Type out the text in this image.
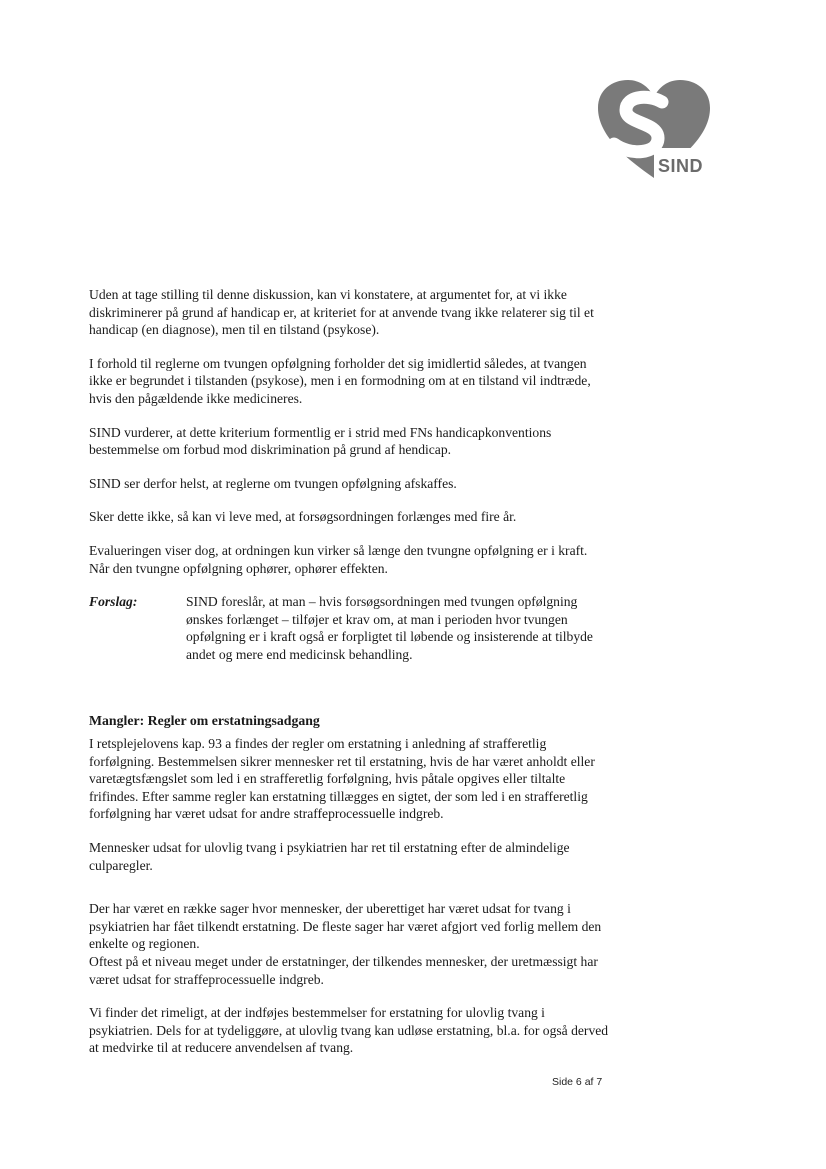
SIND

Uden at tage stilling til denne diskussion, kan vi konstatere, at argumentet for, at vi ikke diskriminerer på grund af handicap er, at kriteriet for at anvende tvang ikke relaterer sig til et handicap (en diagnose), men til en tilstand (psykose).

I forhold til reglerne om tvungen opfølgning forholder det sig imidlertid således, at tvangen ikke er begrundet i tilstanden (psykose), men i en formodning om at en tilstand vil indtræde, hvis den pågældende ikke medicineres.

SIND vurderer, at dette kriterium formentlig er i strid med FNs handicapkonventions bestemmelse om forbud mod diskrimination på grund af hendicap.

SIND ser derfor helst, at reglerne om tvungen opfølgning afskaffes.

Sker dette ikke, så kan vi leve med, at forsøgsordningen forlænges med fire år.

Evalueringen viser dog, at ordningen kun virker så længe den tvungne opfølgning er i kraft. Når den tvungne opfølgning ophører, ophører effekten.

Forslag:	SIND foreslår, at man – hvis forsøgsordningen med tvungen opfølgning ønskes forlænget – tilføjer et krav om, at man i perioden hvor tvungen opfølgning er i kraft også er forpligtet til løbende og insisterende at tilbyde andet og mere end medicinsk behandling.

Mangler: Regler om erstatningsadgang

I retsplejelovens kap. 93 a findes der regler om erstatning i anledning af strafferetlig forfølgning. Bestemmelsen sikrer mennesker ret til erstatning, hvis de har været anholdt eller varetægtsfængslet som led i en strafferetlig forfølgning, hvis påtale opgives eller tiltalte frifindes. Efter samme regler kan erstatning tillægges en sigtet, der som led i en strafferetlig forfølgning har været udsat for andre straffeprocessuelle indgreb.

Mennesker udsat for ulovlig tvang i psykiatrien har ret til erstatning efter de almindelige culparegler.

Der har været en række sager hvor mennesker, der uberettiget har været udsat for tvang i psykiatrien har fået tilkendt erstatning. De fleste sager har været afgjort ved forlig mellem den enkelte og regionen.

Oftest på et niveau meget under de erstatninger, der tilkendes mennesker, der uretmæssigt har været udsat for straffeprocessuelle indgreb.

Vi finder det rimeligt, at der indføjes bestemmelser for erstatning for ulovlig tvang i psykiatrien. Dels for at tydeliggøre, at ulovlig tvang kan udløse erstatning, bl.a. for også derved at medvirke til at reducere anvendelsen af tvang.

Side 6 af 7
